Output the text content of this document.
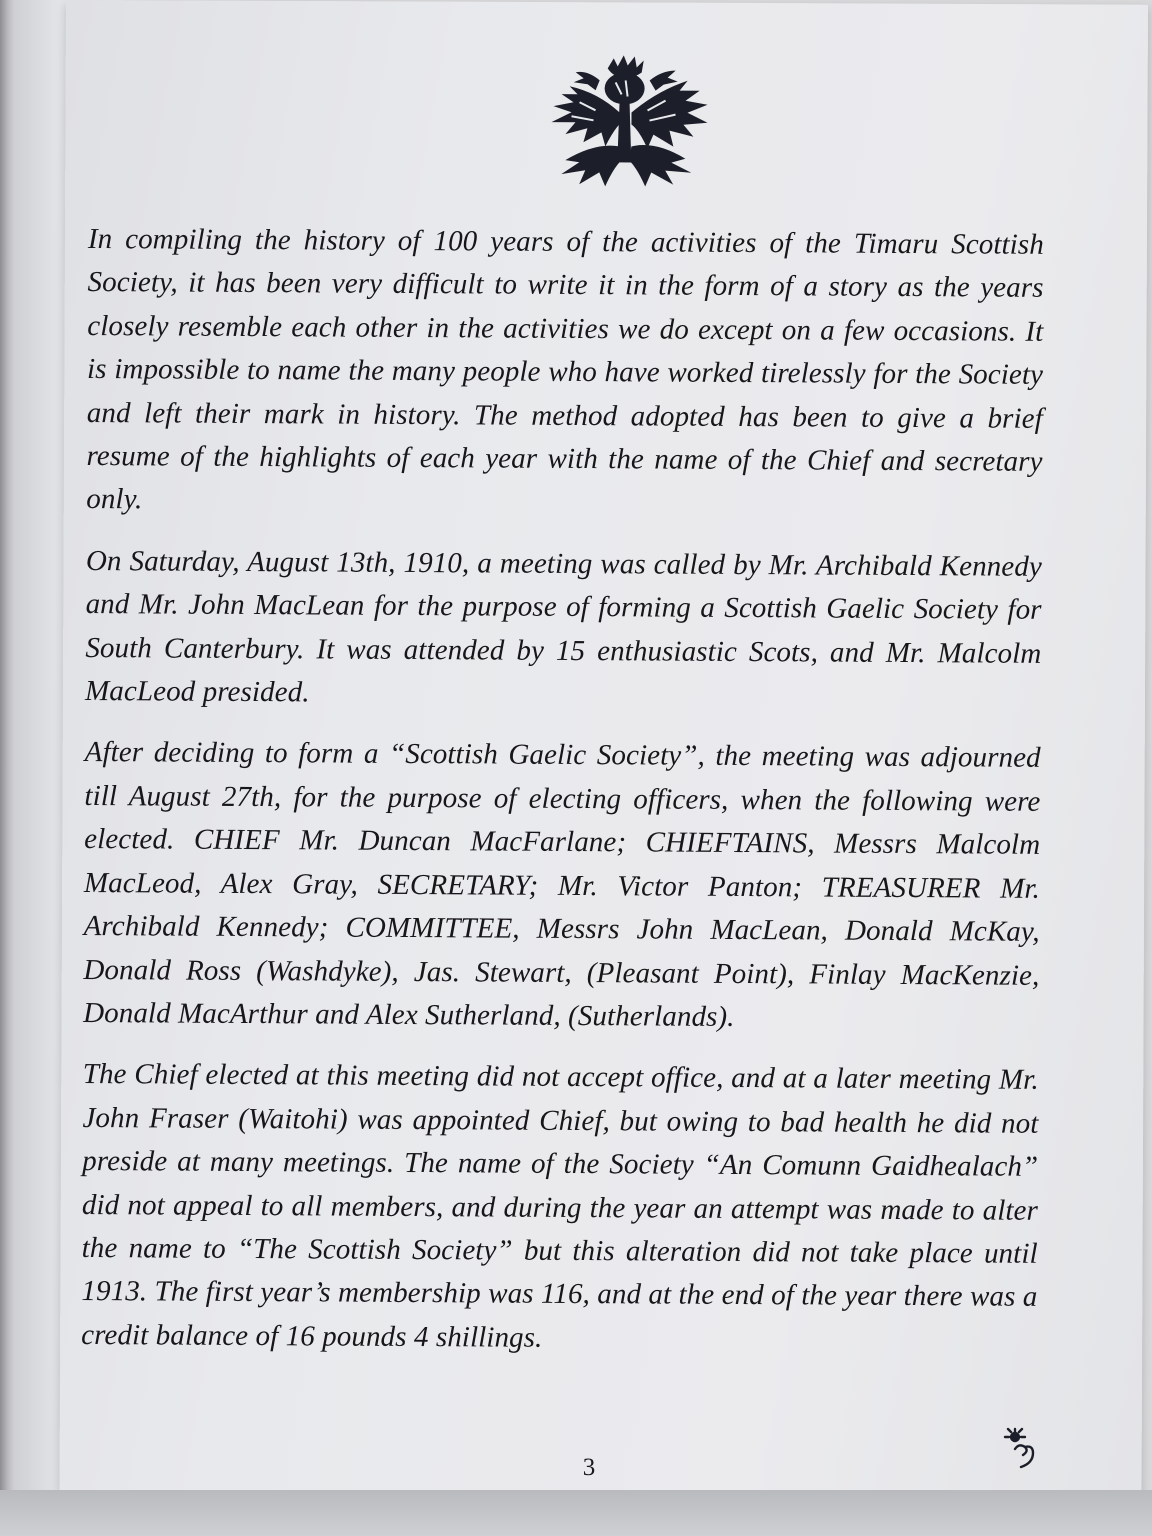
In compiling the history of 100 years of the activities of the Timaru Scottish Society, it has been very difficult to write it in the form of a story as the years closely resemble each other in the activities we do except on a few occasions. It is impossible to name the many people who have worked tirelessly for the Society and left their mark in history. The method adopted has been to give a brief resume of the highlights of each year with the name of the Chief and secretary only.

On Saturday, August 13th, 1910, a meeting was called by Mr. Archibald Kennedy and Mr. John MacLean for the purpose of forming a Scottish Gaelic Society for South Canterbury. It was attended by 15 enthusiastic Scots, and Mr. Malcolm MacLeod presided.

After deciding to form a “Scottish Gaelic Society”, the meeting was adjourned till August 27th, for the purpose of electing officers, when the following were elected. CHIEF Mr. Duncan MacFarlane; CHIEFTAINS, Messrs Malcolm MacLeod, Alex Gray, SECRETARY; Mr. Victor Panton; TREASURER Mr. Archibald Kennedy; COMMITTEE, Messrs John MacLean, Donald McKay, Donald Ross (Washdyke), Jas. Stewart, (Pleasant Point), Finlay MacKenzie, Donald MacArthur and Alex Sutherland, (Sutherlands).

The Chief elected at this meeting did not accept office, and at a later meeting Mr. John Fraser (Waitohi) was appointed Chief, but owing to bad health he did not preside at many meetings. The name of the Society “An Comunn Gaidhealach” did not appeal to all members, and during the year an attempt was made to alter the name to “The Scottish Society” but this alteration did not take place until 1913. The first year’s membership was 116, and at the end of the year there was a credit balance of 16 pounds 4 shillings.

3
